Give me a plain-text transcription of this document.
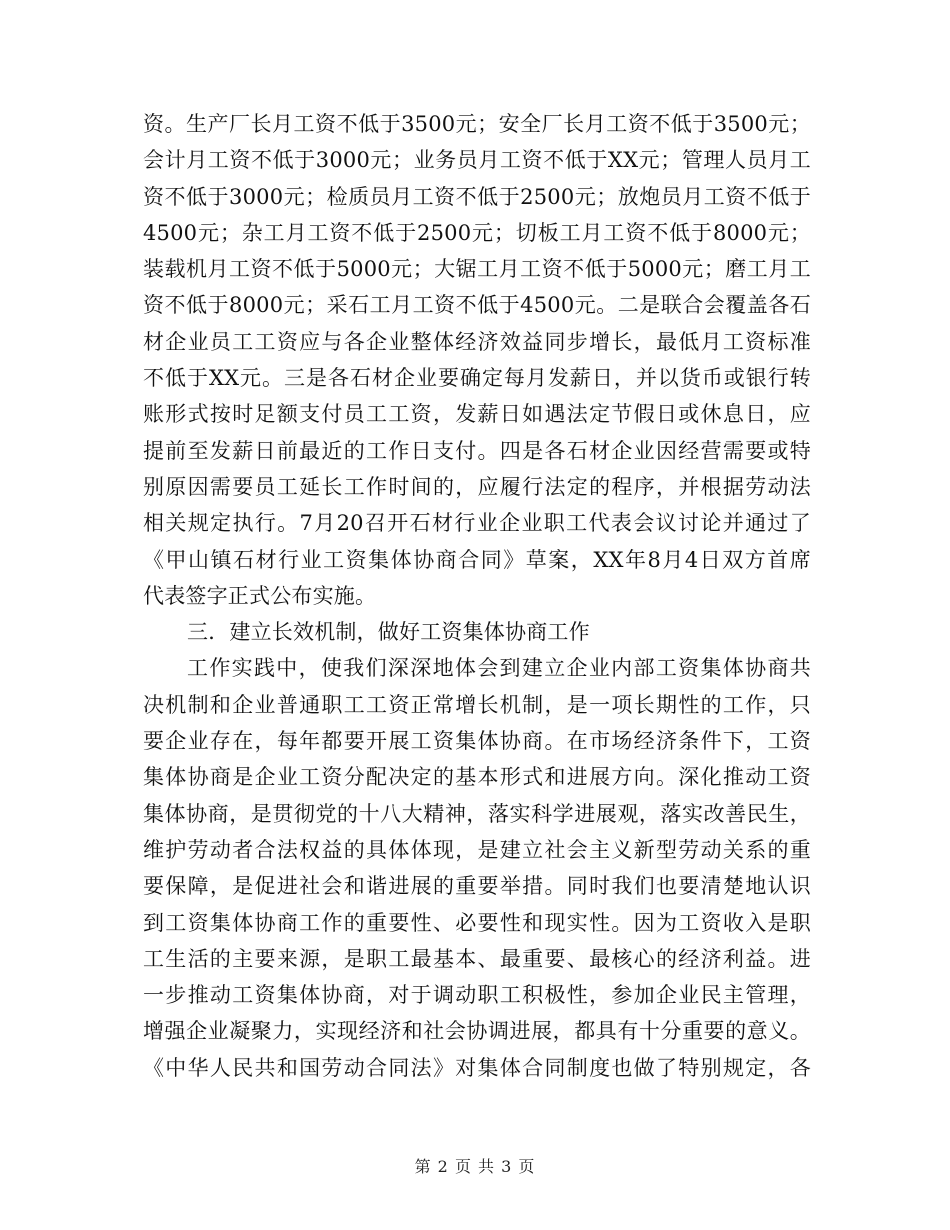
资。生产厂长月工资不低于3500元；安全厂长月工资不低于3500元；
会计月工资不低于3000元；业务员月工资不低于XX元；管理人员月工
资不低于3000元；检质员月工资不低于2500元；放炮员月工资不低于
4500元；杂工月工资不低于2500元；切板工月工资不低于8000元；
装载机月工资不低于5000元；大锯工月工资不低于5000元；磨工月工
资不低于8000元；采石工月工资不低于4500元。二是联合会覆盖各石
材企业员工工资应与各企业整体经济效益同步增长，最低月工资标准
不低于XX元。三是各石材企业要确定每月发薪日，并以货币或银行转
账形式按时足额支付员工工资，发薪日如遇法定节假日或休息日，应
提前至发薪日前最近的工作日支付。四是各石材企业因经营需要或特
别原因需要员工延长工作时间的，应履行法定的程序，并根据劳动法
相关规定执行。7月20召开石材行业企业职工代表会议讨论并通过了
《甲山镇石材行业工资集体协商合同》草案，XX年8月4日双方首席
代表签字正式公布实施。
三．建立长效机制，做好工资集体协商工作
工作实践中，使我们深深地体会到建立企业内部工资集体协商共
决机制和企业普通职工工资正常增长机制，是一项长期性的工作，只
要企业存在，每年都要开展工资集体协商。在市场经济条件下，工资
集体协商是企业工资分配决定的基本形式和进展方向。深化推动工资
集体协商，是贯彻党的十八大精神，落实科学进展观，落实改善民生，
维护劳动者合法权益的具体体现，是建立社会主义新型劳动关系的重
要保障，是促进社会和谐进展的重要举措。同时我们也要清楚地认识
到工资集体协商工作的重要性、必要性和现实性。因为工资收入是职
工生活的主要来源，是职工最基本、最重要、最核心的经济利益。进
一步推动工资集体协商，对于调动职工积极性，参加企业民主管理，
增强企业凝聚力，实现经济和社会协调进展，都具有十分重要的意义。
《中华人民共和国劳动合同法》对集体合同制度也做了特别规定，各
第 2 页 共 3 页
